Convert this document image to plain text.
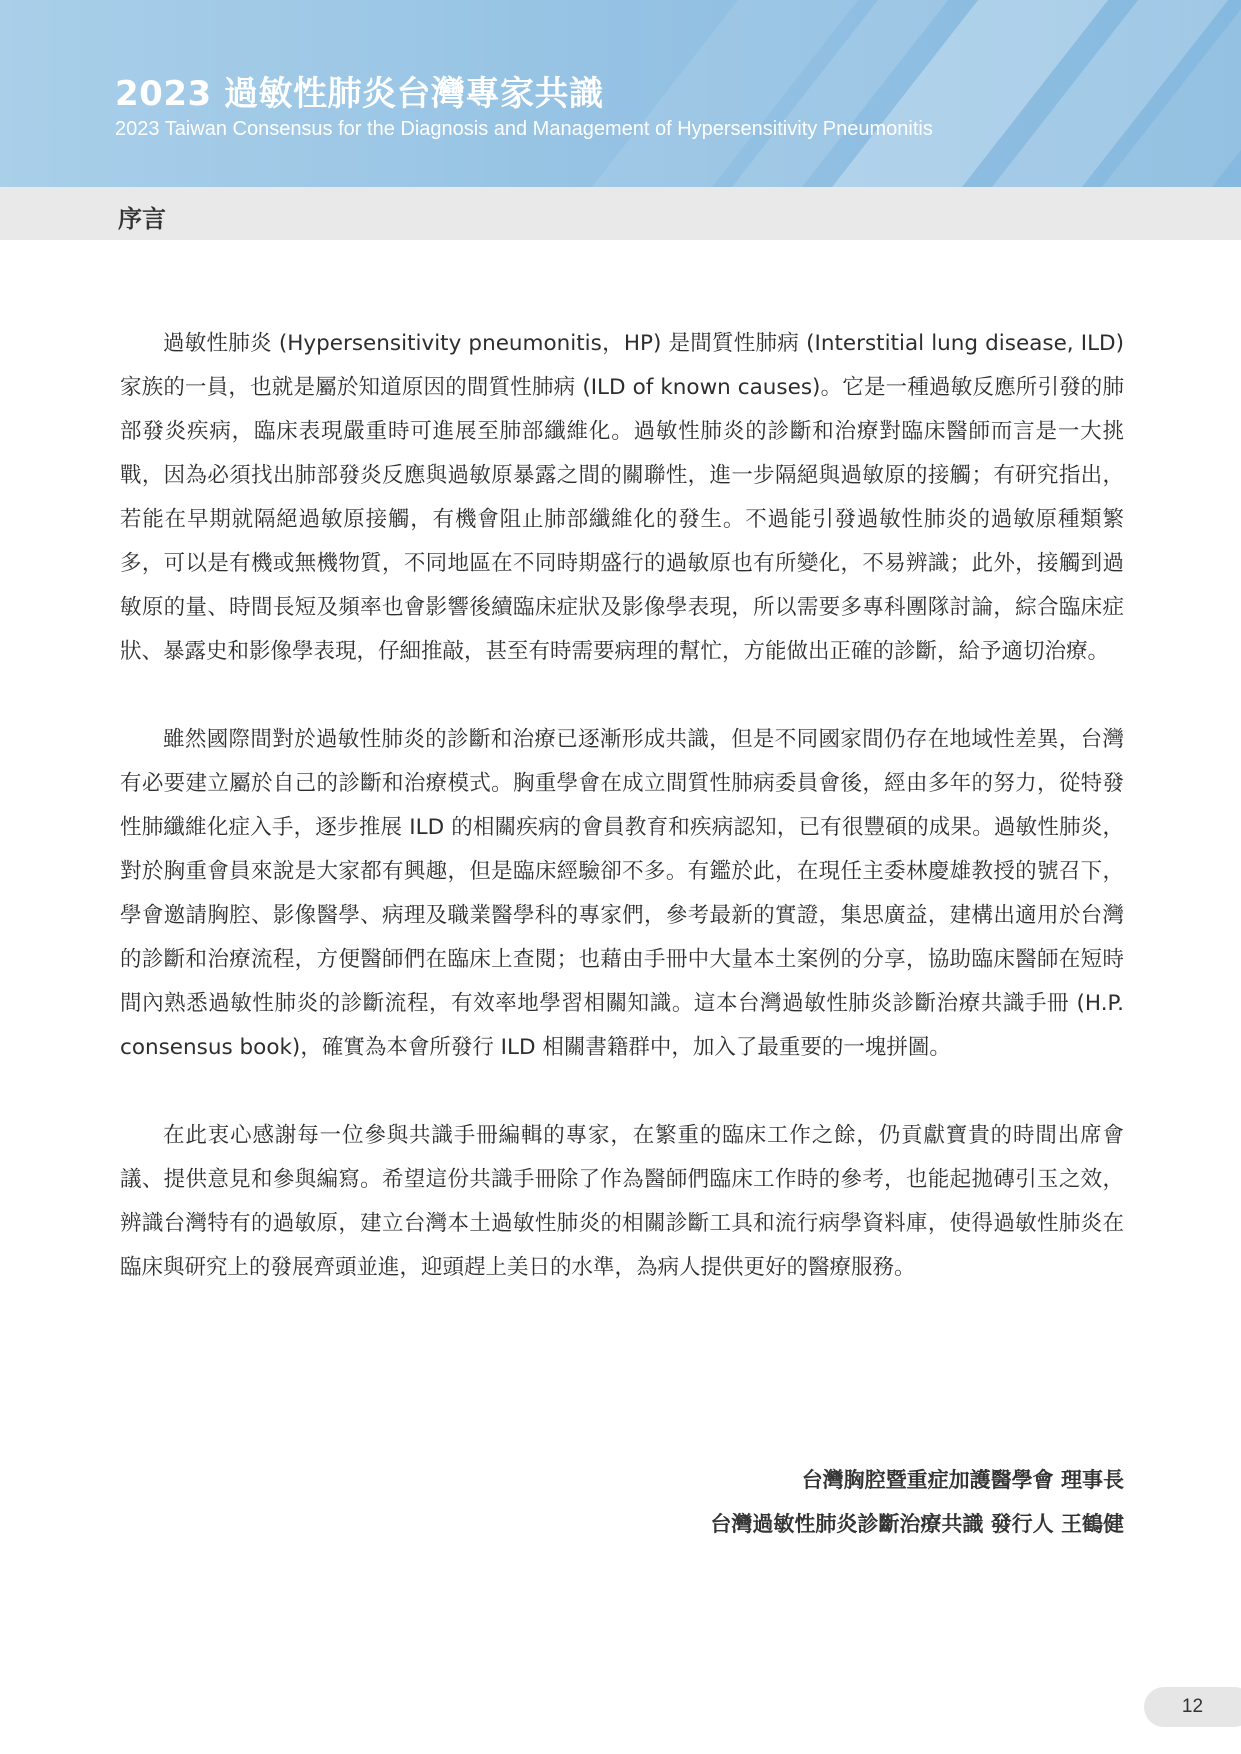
2023 過敏性肺炎台灣專家共識

2023 Taiwan Consensus for the Diagnosis and Management of Hypersensitivity Pneumonitis

序言

過敏性肺炎 (Hypersensitivity pneumonitis，HP) 是間質性肺病 (Interstitial lung disease, ILD) 家族的一員，也就是屬於知道原因的間質性肺病 (ILD of known causes)。它是一種過敏反應所引發的肺部發炎疾病，臨床表現嚴重時可進展至肺部纖維化。過敏性肺炎的診斷和治療對臨床醫師而言是一大挑戰，因為必須找出肺部發炎反應與過敏原暴露之間的關聯性，進一步隔絕與過敏原的接觸；有研究指出，若能在早期就隔絕過敏原接觸，有機會阻止肺部纖維化的發生。不過能引發過敏性肺炎的過敏原種類繁多，可以是有機或無機物質，不同地區在不同時期盛行的過敏原也有所變化，不易辨識；此外，接觸到過敏原的量、時間長短及頻率也會影響後續臨床症狀及影像學表現，所以需要多專科團隊討論，綜合臨床症狀、暴露史和影像學表現，仔細推敲，甚至有時需要病理的幫忙，方能做出正確的診斷，給予適切治療。

雖然國際間對於過敏性肺炎的診斷和治療已逐漸形成共識，但是不同國家間仍存在地域性差異，台灣有必要建立屬於自己的診斷和治療模式。胸重學會在成立間質性肺病委員會後，經由多年的努力，從特發性肺纖維化症入手，逐步推展 ILD 的相關疾病的會員教育和疾病認知，已有很豐碩的成果。過敏性肺炎，對於胸重會員來說是大家都有興趣，但是臨床經驗卻不多。有鑑於此，在現任主委林慶雄教授的號召下，學會邀請胸腔、影像醫學、病理及職業醫學科的專家們，參考最新的實證，集思廣益，建構出適用於台灣的診斷和治療流程，方便醫師們在臨床上查閱；也藉由手冊中大量本土案例的分享，協助臨床醫師在短時間內熟悉過敏性肺炎的診斷流程，有效率地學習相關知識。這本台灣過敏性肺炎診斷治療共識手冊 (H.P. consensus book)，確實為本會所發行 ILD 相關書籍群中，加入了最重要的一塊拼圖。

在此衷心感謝每一位參與共識手冊編輯的專家，在繁重的臨床工作之餘，仍貢獻寶貴的時間出席會議、提供意見和參與編寫。希望這份共識手冊除了作為醫師們臨床工作時的參考，也能起拋磚引玉之效，辨識台灣特有的過敏原，建立台灣本土過敏性肺炎的相關診斷工具和流行病學資料庫，使得過敏性肺炎在臨床與研究上的發展齊頭並進，迎頭趕上美日的水準，為病人提供更好的醫療服務。

台灣胸腔暨重症加護醫學會 理事長

台灣過敏性肺炎診斷治療共識 發行人 王鶴健

12
